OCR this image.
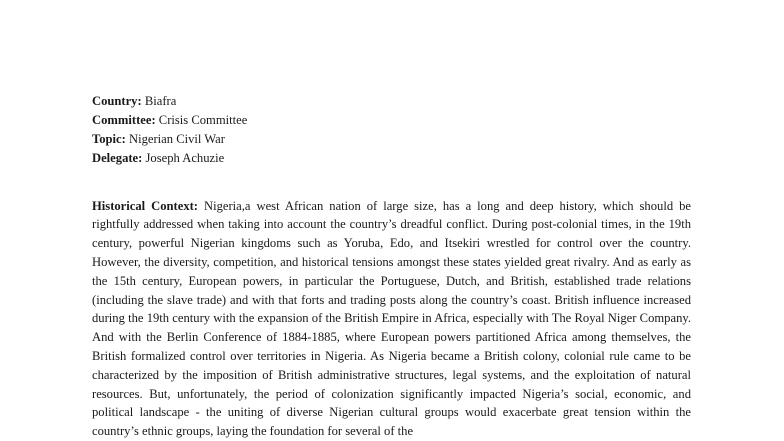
Country: Biafra
Committee: Crisis Committee
Topic: Nigerian Civil War
Delegate: Joseph Achuzie

Historical Context: Nigeria,a west African nation of large size, has a long and deep history, which should be rightfully addressed when taking into account the country’s dreadful conflict. During post-colonial times, in the 19th century, powerful Nigerian kingdoms such as Yoruba, Edo, and Itsekiri wrestled for control over the country. However, the diversity, competition, and historical tensions amongst these states yielded great rivalry. And as early as the 15th century, European powers, in particular the Portuguese, Dutch, and British, established trade relations (including the slave trade) and with that forts and trading posts along the country’s coast. British influence increased during the 19th century with the expansion of the British Empire in Africa, especially with The Royal Niger Company. And with the Berlin Conference of 1884-1885, where European powers partitioned Africa among themselves, the British formalized control over territories in Nigeria. As Nigeria became a British colony, colonial rule came to be characterized by the imposition of British administrative structures, legal systems, and the exploitation of natural resources. But, unfortunately, the period of colonization significantly impacted Nigeria’s social, economic, and political landscape - the uniting of diverse Nigerian cultural groups would exacerbate great tension within the country’s ethnic groups, laying the foundation for several of the
